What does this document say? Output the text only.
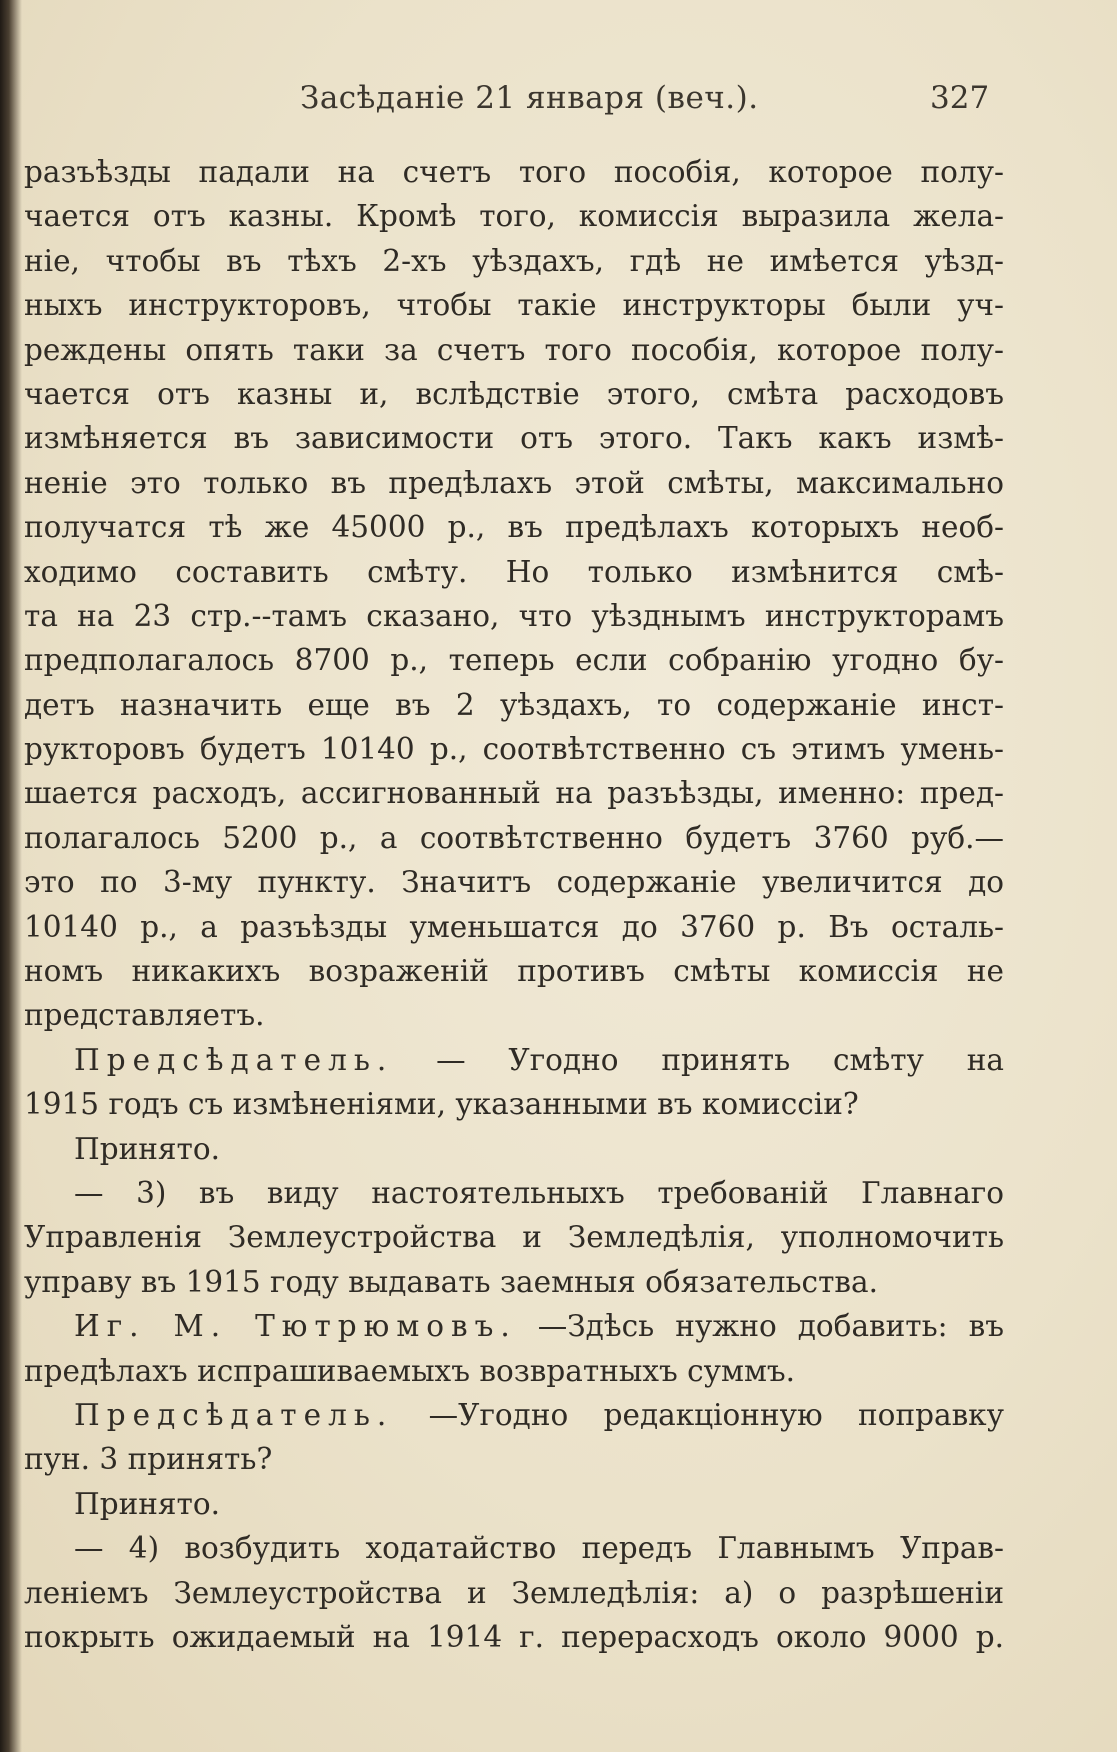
Засѣданіе 21 января (веч.).	327
разъѣзды падали на счетъ того пособія, которое полу-
чается отъ казны. Кромѣ того, комиссія выразила жела-
ніе, чтобы въ тѣхъ 2-хъ уѣздахъ, гдѣ не имѣется уѣзд-
ныхъ инструкторовъ, чтобы такіе инструкторы были уч-
реждены опять таки за счетъ того пособія, которое полу-
чается отъ казны и, вслѣдствіе этого, смѣта расходовъ
измѣняется въ зависимости отъ этого. Такъ какъ измѣ-
неніе это только въ предѣлахъ этой смѣты, максимально
получатся тѣ же 45000 р., въ предѣлахъ которыхъ необ-
ходимо составить смѣту. Но только измѣнится смѣ-
та на 23 стр.--тамъ сказано, что уѣзднымъ инструкторамъ
предполагалось 8700 р., теперь если собранію угодно бу-
детъ назначить еще въ 2 уѣздахъ, то содержаніе инст-
рукторовъ будетъ 10140 р., соотвѣтственно съ этимъ умень-
шается расходъ, ассигнованный на разъѣзды, именно: пред-
полагалось 5200 р., а соотвѣтственно будетъ 3760 руб.—
это по 3-му пункту. Значитъ содержаніе увеличится до
10140 р., а разъѣзды уменьшатся до 3760 р. Въ осталь-
номъ никакихъ возраженій противъ смѣты комиссія не
представляетъ.
Предсѣдатель. — Угодно принять смѣту на
1915 годъ съ измѣненіями, указанными въ комиссіи?
Принято.
— 3) въ виду настоятельныхъ требованій Главнаго
Управленія Землеустройства и Земледѣлія, уполномочить
управу въ 1915 году выдавать заемныя обязательства.
Иг. М. Тютрюмовъ. —Здѣсь нужно добавить: въ
предѣлахъ испрашиваемыхъ возвратныхъ суммъ.
Предсѣдатель. —Угодно редакціонную поправку
пун. 3 принять?
Принято.
— 4) возбудить ходатайство передъ Главнымъ Управ-
леніемъ Землеустройства и Земледѣлія: а) о разрѣшеніи
покрыть ожидаемый на 1914 г. перерасходъ около 9000 р.
